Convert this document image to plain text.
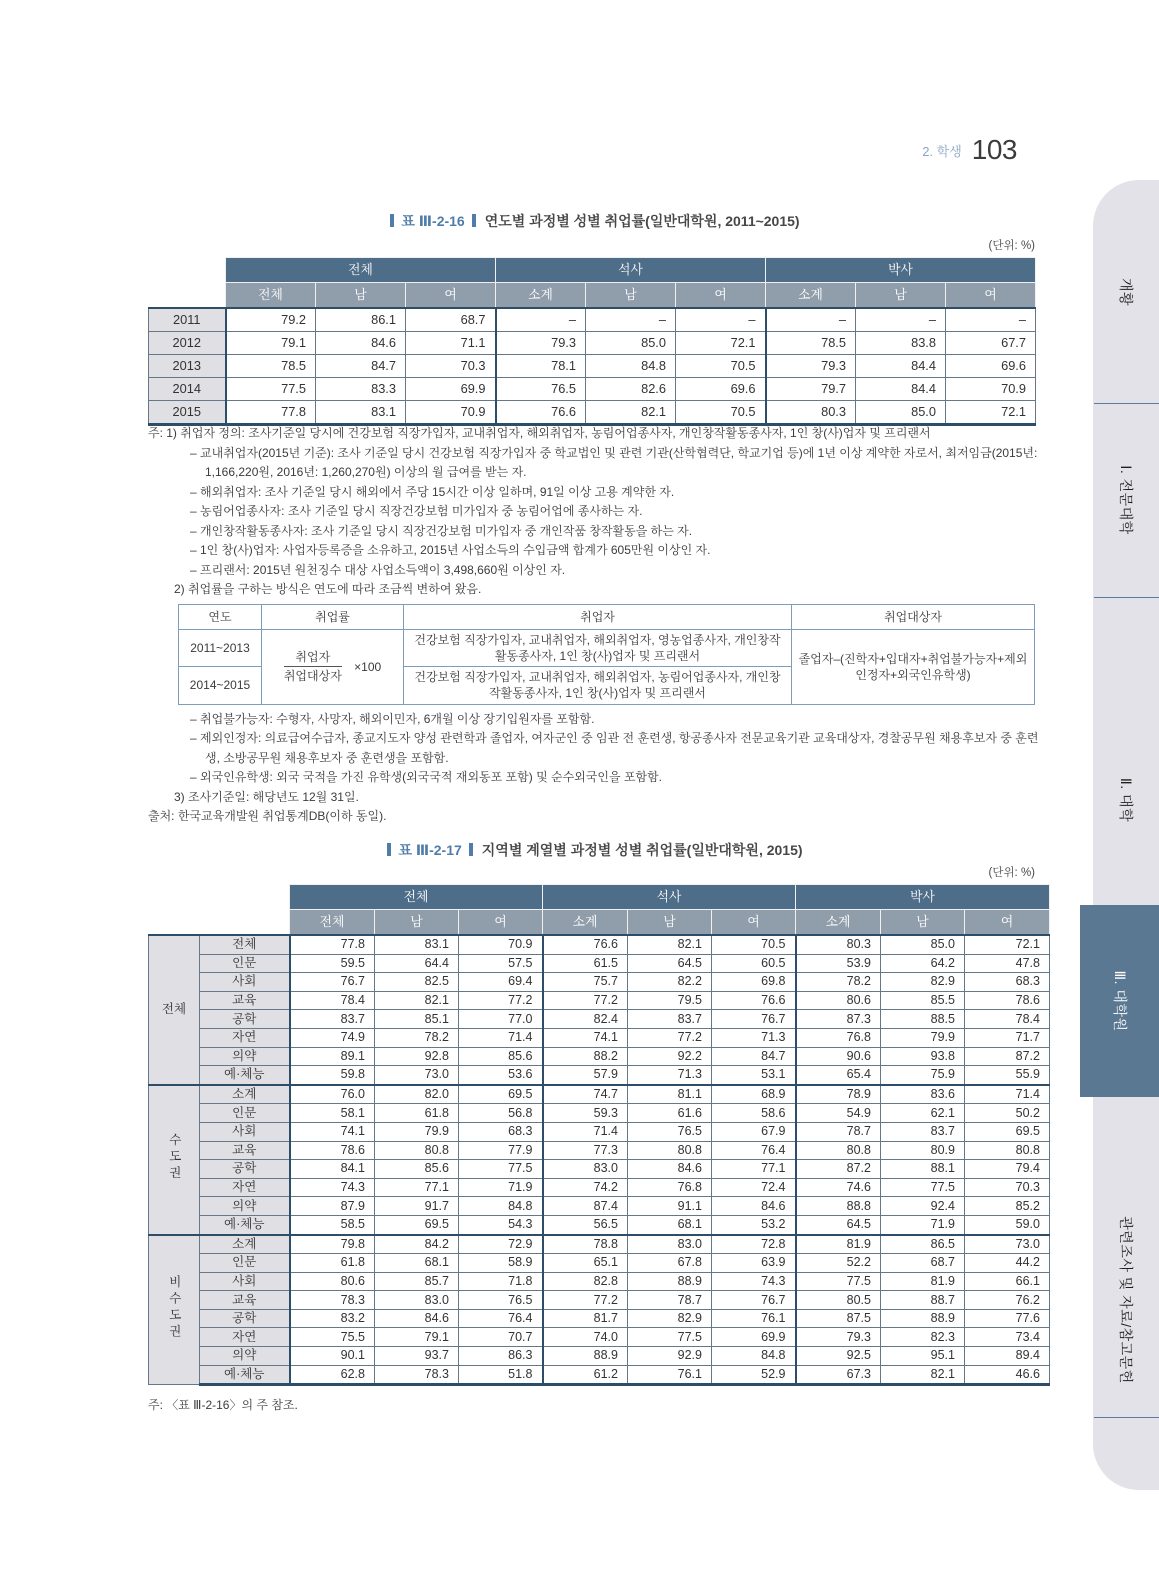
2. 학생 103
표 Ⅲ-2-16 연도별 과정별 성별 취업률(일반대학원, 2011~2015)
(단위: %)
	전체			석사			박사		
	전체	남	여	소계	남	여	소계	남	여
2011	79.2	86.1	68.7	–	–	–	–	–	–
2012	79.1	84.6	71.1	79.3	85.0	72.1	78.5	83.8	67.7
2013	78.5	84.7	70.3	78.1	84.8	70.5	79.3	84.4	69.6
2014	77.5	83.3	69.9	76.5	82.6	69.6	79.7	84.4	70.9
2015	77.8	83.1	70.9	76.6	82.1	70.5	80.3	85.0	72.1
주: 1) 취업자 정의: 조사기준일 당시에 건강보험 직장가입자, 교내취업자, 해외취업자, 농림어업종사자, 개인창작활동종사자, 1인 창(사)업자 및 프리랜서
– 교내취업자(2015년 기준): 조사 기준일 당시 건강보험 직장가입자 중 학교법인 및 관련 기관(산학협력단, 학교기업 등)에 1년 이상 계약한 자로서, 최저임금(2015년: 1,166,220원, 2016년: 1,260,270원) 이상의 월 급여를 받는 자.
– 해외취업자: 조사 기준일 당시 해외에서 주당 15시간 이상 일하며, 91일 이상 고용 계약한 자.
– 농림어업종사자: 조사 기준일 당시 직장건강보험 미가입자 중 농림어업에 종사하는 자.
– 개인창작활동종사자: 조사 기준일 당시 직장건강보험 미가입자 중 개인작품 창작활동을 하는 자.
– 1인 창(사)업자: 사업자등록증을 소유하고, 2015년 사업소득의 수입금액 합계가 605만원 이상인 자.
– 프리랜서: 2015년 원천징수 대상 사업소득액이 3,498,660원 이상인 자.
2) 취업률을 구하는 방식은 연도에 따라 조금씩 변하여 왔음.
연도	취업률	취업자	취업대상자
2011~2013	$\frac{\text{취업자}}{\text{취업대상자}} \times 100$	건강보험 직장가입자, 교내취업자, 해외취업자, 영농업종사자, 개인창작활동종사자, 1인 창(사)업자 및 프리랜서	졸업자–(진학자+입대자+취업불가능자+제외인정자+외국인유학생)
2014~2015		건강보험 직장가입자, 교내취업자, 해외취업자, 농림어업종사자, 개인창작활동종사자, 1인 창(사)업자 및 프리랜서	
– 취업불가능자: 수형자, 사망자, 해외이민자, 6개월 이상 장기입원자를 포함함.
– 제외인정자: 의료급여수급자, 종교지도자 양성 관련학과 졸업자, 여자군인 중 임관 전 훈련생, 항공종사자 전문교육기관 교육대상자, 경찰공무원 채용후보자 중 훈련생, 소방공무원 채용후보자 중 훈련생을 포함함.
– 외국인유학생: 외국 국적을 가진 유학생(외국국적 재외동포 포함) 및 순수외국인을 포함함.
3) 조사기준일: 해당년도 12월 31일.
출처: 한국교육개발원 취업통계DB(이하 동일).
표 Ⅲ-2-17 지역별 계열별 과정별 성별 취업률(일반대학원, 2015)
(단위: %)
		전체			석사			박사		
		전체	남	여	소계	남	여	소계	남	여
전체	전체	77.8	83.1	70.9	76.6	82.1	70.5	80.3	85.0	72.1
	인문	59.5	64.4	57.5	61.5	64.5	60.5	53.9	64.2	47.8
	사회	76.7	82.5	69.4	75.7	82.2	69.8	78.2	82.9	68.3
	교육	78.4	82.1	77.2	77.2	79.5	76.6	80.6	85.5	78.6
	공학	83.7	85.1	77.0	82.4	83.7	76.7	87.3	88.5	78.4
	자연	74.9	78.2	71.4	74.1	77.2	71.3	76.8	79.9	71.7
	의약	89.1	92.8	85.6	88.2	92.2	84.7	90.6	93.8	87.2
	예·체능	59.8	73.0	53.6	57.9	71.3	53.1	65.4	75.9	55.9
수도권	소계	76.0	82.0	69.5	74.7	81.1	68.9	78.9	83.6	71.4
	인문	58.1	61.8	56.8	59.3	61.6	58.6	54.9	62.1	50.2
	사회	74.1	79.9	68.3	71.4	76.5	67.9	78.7	83.7	69.5
	교육	78.6	80.8	77.9	77.3	80.8	76.4	80.8	80.9	80.8
	공학	84.1	85.6	77.5	83.0	84.6	77.1	87.2	88.1	79.4
	자연	74.3	77.1	71.9	74.2	76.8	72.4	74.6	77.5	70.3
	의약	87.9	91.7	84.8	87.4	91.1	84.6	88.8	92.4	85.2
	예·체능	58.5	69.5	54.3	56.5	68.1	53.2	64.5	71.9	59.0
비수도권	소계	79.8	84.2	72.9	78.8	83.0	72.8	81.9	86.5	73.0
	인문	61.8	68.1	58.9	65.1	67.8	63.9	52.2	68.7	44.2
	사회	80.6	85.7	71.8	82.8	88.9	74.3	77.5	81.9	66.1
	교육	78.3	83.0	76.5	77.2	78.7	76.7	80.5	88.7	76.2
	공학	83.2	84.6	76.4	81.7	82.9	76.1	87.5	88.9	77.6
	자연	75.5	79.1	70.7	74.0	77.5	69.9	79.3	82.3	73.4
	의약	90.1	93.7	86.3	88.9	92.9	84.8	92.5	95.1	89.4
	예·체능	62.8	78.3	51.8	61.2	76.1	52.9	67.3	82.1	46.6
주: 〈표 Ⅲ-2-16〉의 주 참조.
개황
Ⅰ. 전문대학
Ⅱ. 대학
Ⅲ. 대학원
관련조사 및 자료/참고문헌
